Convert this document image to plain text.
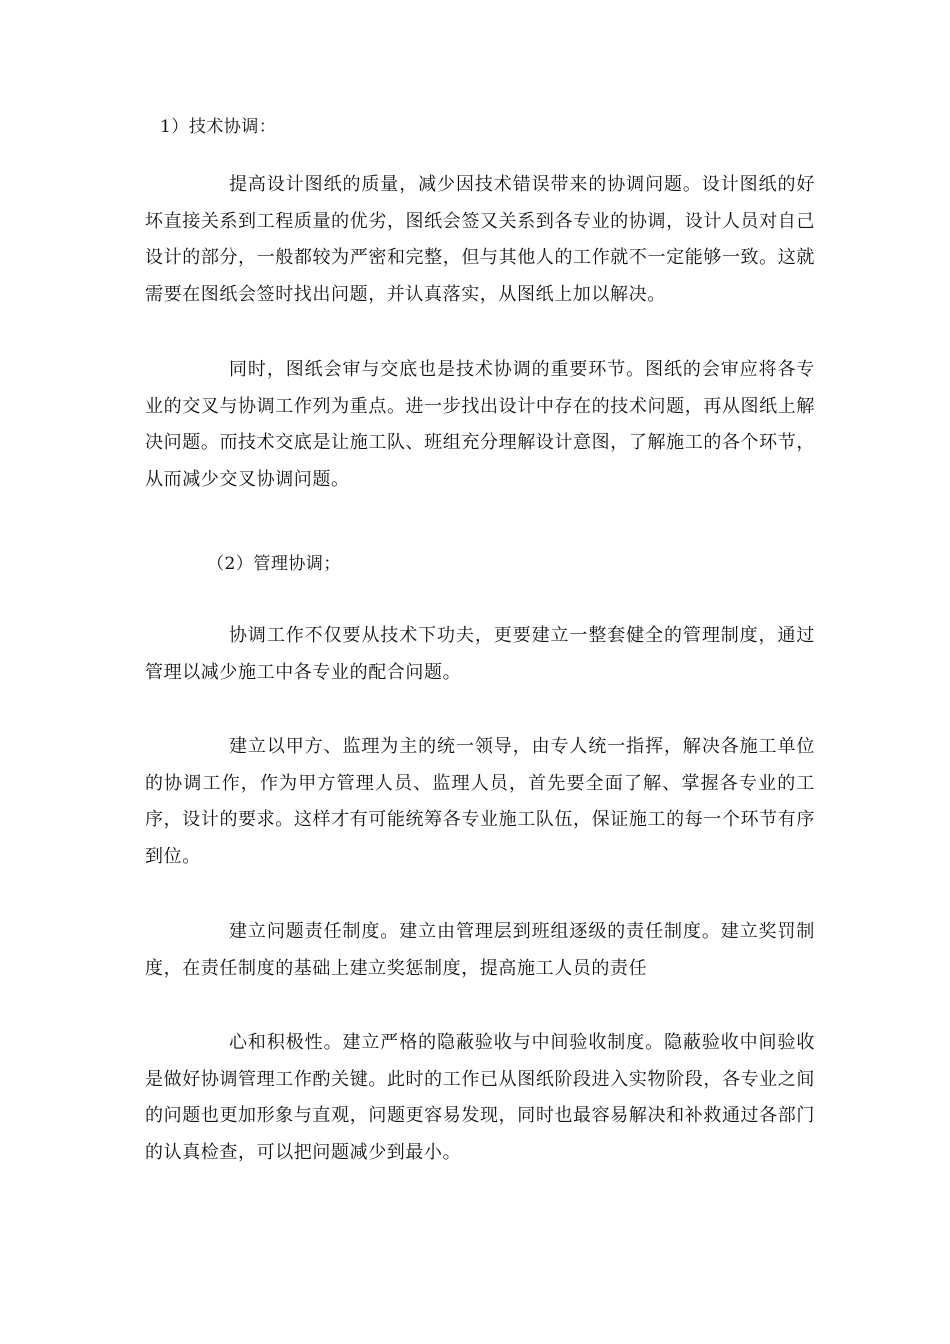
1）技术协调：

提高设计图纸的质量，减少因技术错误带来的协调问题。设计图纸的好坏直接关系到工程质量的优劣，图纸会签又关系到各专业的协调，设计人员对自己设计的部分，一般都较为严密和完整，但与其他人的工作就不一定能够一致。这就需要在图纸会签时找出问题，并认真落实，从图纸上加以解决。

同时，图纸会审与交底也是技术协调的重要环节。图纸的会审应将各专业的交叉与协调工作列为重点。进一步找出设计中存在的技术问题，再从图纸上解决问题。而技术交底是让施工队、班组充分理解设计意图，了解施工的各个环节，从而减少交叉协调问题。

（2）管理协调；

协调工作不仅要从技术下功夫，更要建立一整套健全的管理制度，通过管理以减少施工中各专业的配合问题。

建立以甲方、监理为主的统一领导，由专人统一指挥，解决各施工单位的协调工作，作为甲方管理人员、监理人员，首先要全面了解、掌握各专业的工序，设计的要求。这样才有可能统筹各专业施工队伍，保证施工的每一个环节有序到位。

建立问题责任制度。建立由管理层到班组逐级的责任制度。建立奖罚制度，在责任制度的基础上建立奖惩制度，提高施工人员的责任

心和积极性。建立严格的隐蔽验收与中间验收制度。隐蔽验收中间验收是做好协调管理工作酌关键。此时的工作已从图纸阶段进入实物阶段，各专业之间的问题也更加形象与直观，问题更容易发现，同时也最容易解决和补救通过各部门的认真检查，可以把问题减少到最小。
